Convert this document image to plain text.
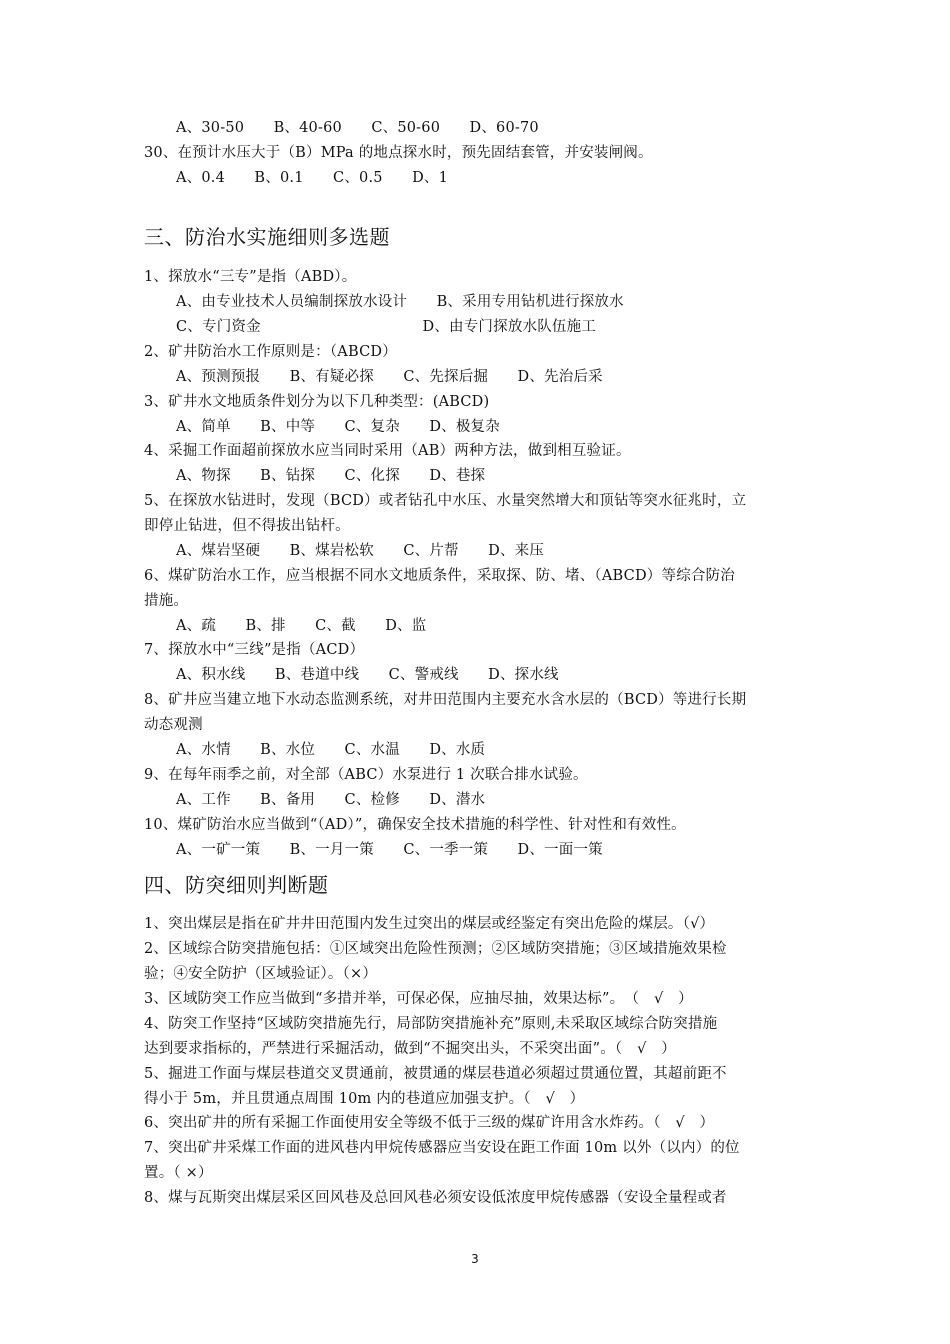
A、30-50　　B、40-60　　C、50-60　　D、60-70
30、在预计水压大于（B）MPa 的地点探水时，预先固结套管，并安装闸阀。
A、0.4　　B、0.1　　C、0.5　　D、1
三、防治水实施细则多选题
1、探放水“三专”是指（ABD）。
A、由专业技术人员编制探放水设计　　B、采用专用钻机进行探放水
C、专门资金　　　　　　　　　　　D、由专门探放水队伍施工
2、矿井防治水工作原则是：（ABCD）
A、预测预报　　B、有疑必探　　C、先探后掘　　D、先治后采
3、矿井水文地质条件划分为以下几种类型：(ABCD)
A、简单　　B、中等　　C、复杂　　D、极复杂
4、采掘工作面超前探放水应当同时采用（AB）两种方法，做到相互验证。
A、物探　　B、钻探　　C、化探　　D、巷探
5、在探放水钻进时，发现（BCD）或者钻孔中水压、水量突然增大和顶钻等突水征兆时，立
即停止钻进，但不得拔出钻杆。
A、煤岩坚硬　　B、煤岩松软　　C、片帮　　D、来压
6、煤矿防治水工作，应当根据不同水文地质条件，采取探、防、堵、（ABCD）等综合防治
措施。
A、疏　　B、排　　C、截　　D、监
7、探放水中“三线”是指（ACD）
A、积水线　　B、巷道中线　　C、警戒线　　D、探水线
8、矿井应当建立地下水动态监测系统，对井田范围内主要充水含水层的（BCD）等进行长期
动态观测
A、水情　　B、水位　　C、水温　　D、水质
9、在每年雨季之前，对全部（ABC）水泵进行 1 次联合排水试验。
A、工作　　B、备用　　C、检修　　D、潜水
10、煤矿防治水应当做到“（AD）”，确保安全技术措施的科学性、针对性和有效性。
A、一矿一策　　B、一月一策　　C、一季一策　　D、一面一策
四、防突细则判断题
1、突出煤层是指在矿井井田范围内发生过突出的煤层或经鉴定有突出危险的煤层。（√）
2、区域综合防突措施包括：①区域突出危险性预测；②区域防突措施；③区域措施效果检
验；④安全防护（区域验证）。（×）
3、区域防突工作应当做到“多措并举，可保必保，应抽尽抽，效果达标”。　（　√　）
4、防突工作坚持“区域防突措施先行，局部防突措施补充”原则,未采取区域综合防突措施
达到要求指标的，严禁进行采掘活动，做到“不掘突出头，不采突出面”。（　√　）
5、掘进工作面与煤层巷道交叉贯通前，被贯通的煤层巷道必须超过贯通位置，其超前距不
得小于 5m，并且贯通点周围 10m 内的巷道应加强支护。（　√　）
6、突出矿井的所有采掘工作面使用安全等级不低于三级的煤矿许用含水炸药。（　√　）
7、突出矿井采煤工作面的进风巷内甲烷传感器应当安设在距工作面 10m 以外（以内）的位
置。（ ×）
8、煤与瓦斯突出煤层采区回风巷及总回风巷必须安设低浓度甲烷传感器（安设全量程或者
3
